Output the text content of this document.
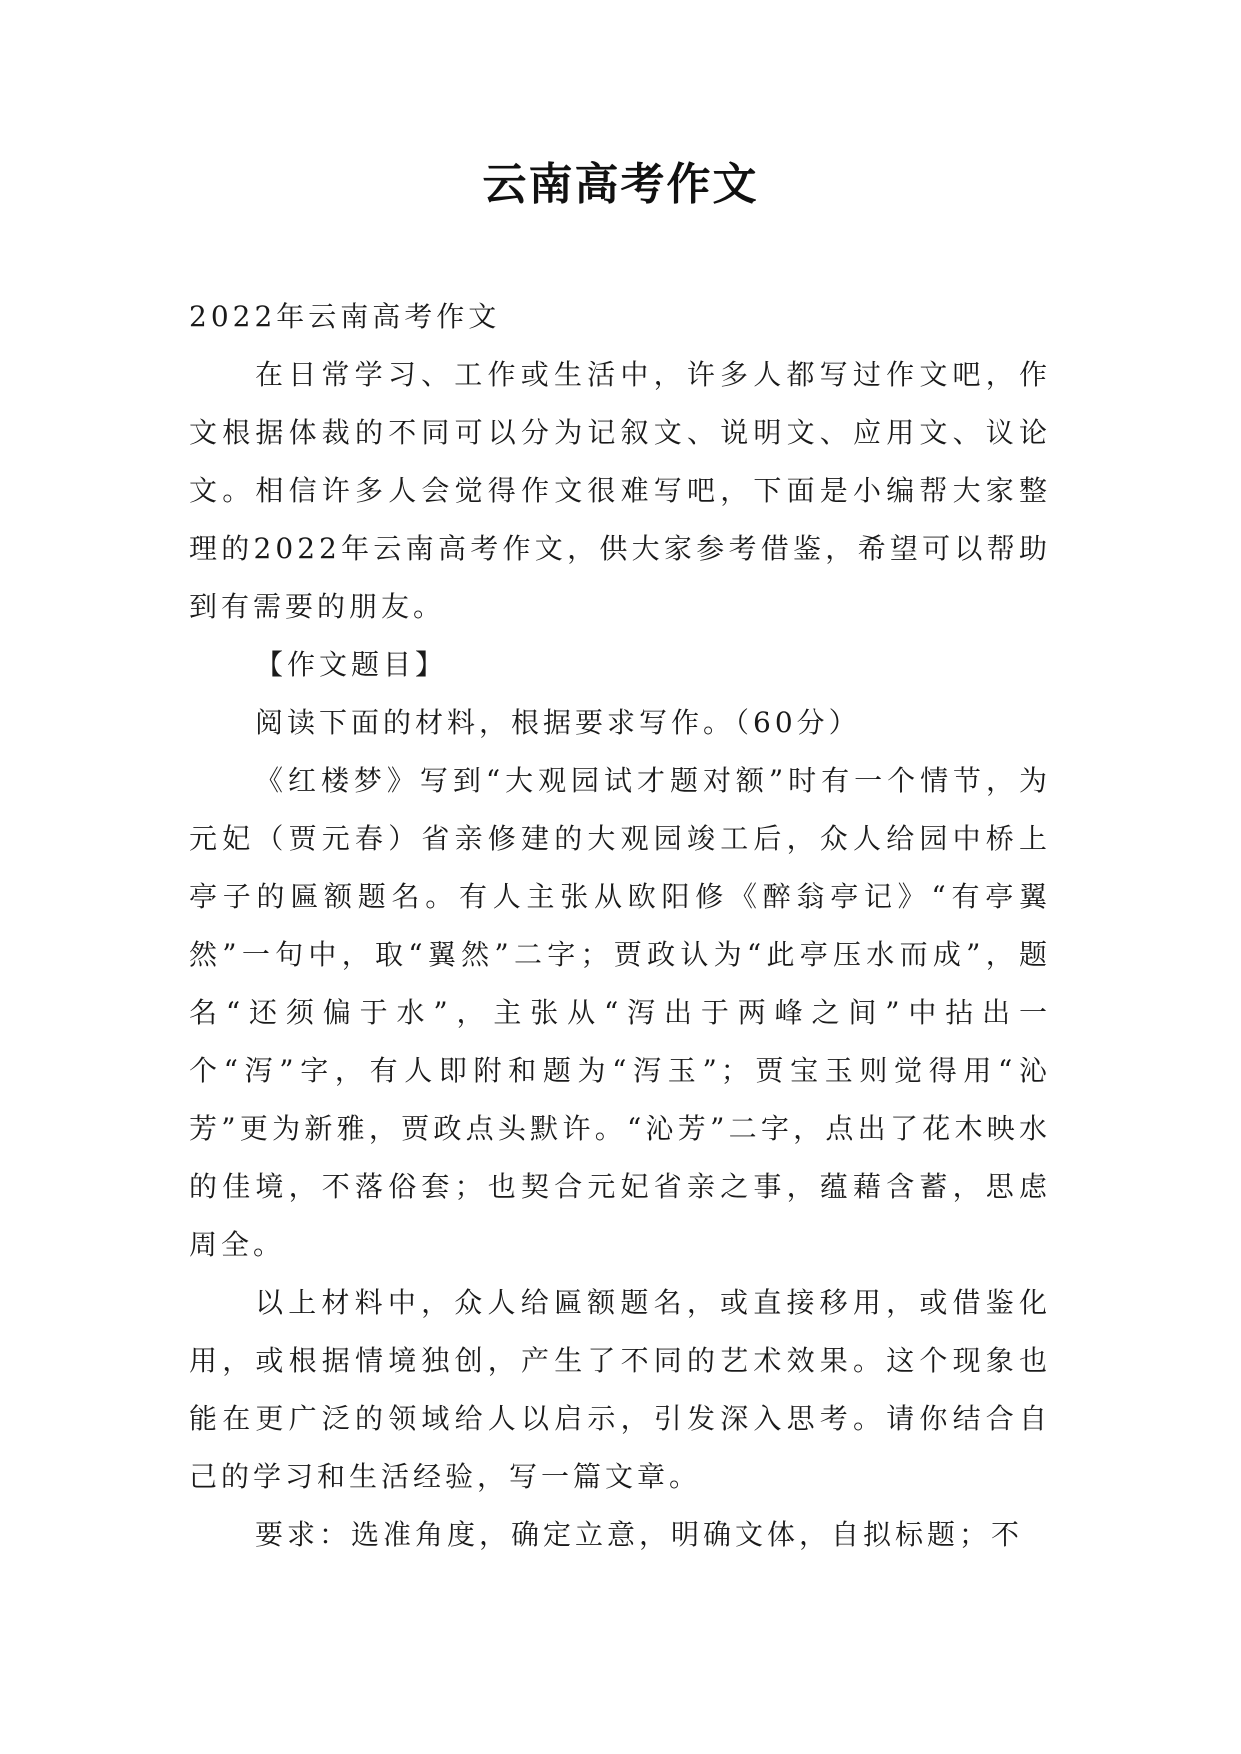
云南高考作文

2022年云南高考作文

在日常学习、工作或生活中，许多人都写过作文吧，作文根据体裁的不同可以分为记叙文、说明文、应用文、议论文。相信许多人会觉得作文很难写吧，下面是小编帮大家整理的2022年云南高考作文，供大家参考借鉴，希望可以帮助到有需要的朋友。

【作文题目】

阅读下面的材料，根据要求写作。（60分）

《红楼梦》写到“大观园试才题对额”时有一个情节，为元妃（贾元春）省亲修建的大观园竣工后，众人给园中桥上亭子的匾额题名。有人主张从欧阳修《醉翁亭记》“有亭翼然”一句中，取“翼然”二字；贾政认为“此亭压水而成”，题名“还须偏于水”，主张从“泻出于两峰之间”中拈出一个“泻”字，有人即附和题为“泻玉”；贾宝玉则觉得用“沁芳”更为新雅，贾政点头默许。“沁芳”二字，点出了花木映水的佳境，不落俗套；也契合元妃省亲之事，蕴藉含蓄，思虑周全。

以上材料中，众人给匾额题名，或直接移用，或借鉴化用，或根据情境独创，产生了不同的艺术效果。这个现象也能在更广泛的领域给人以启示，引发深入思考。请你结合自己的学习和生活经验，写一篇文章。

要求：选准角度，确定立意，明确文体，自拟标题；不
